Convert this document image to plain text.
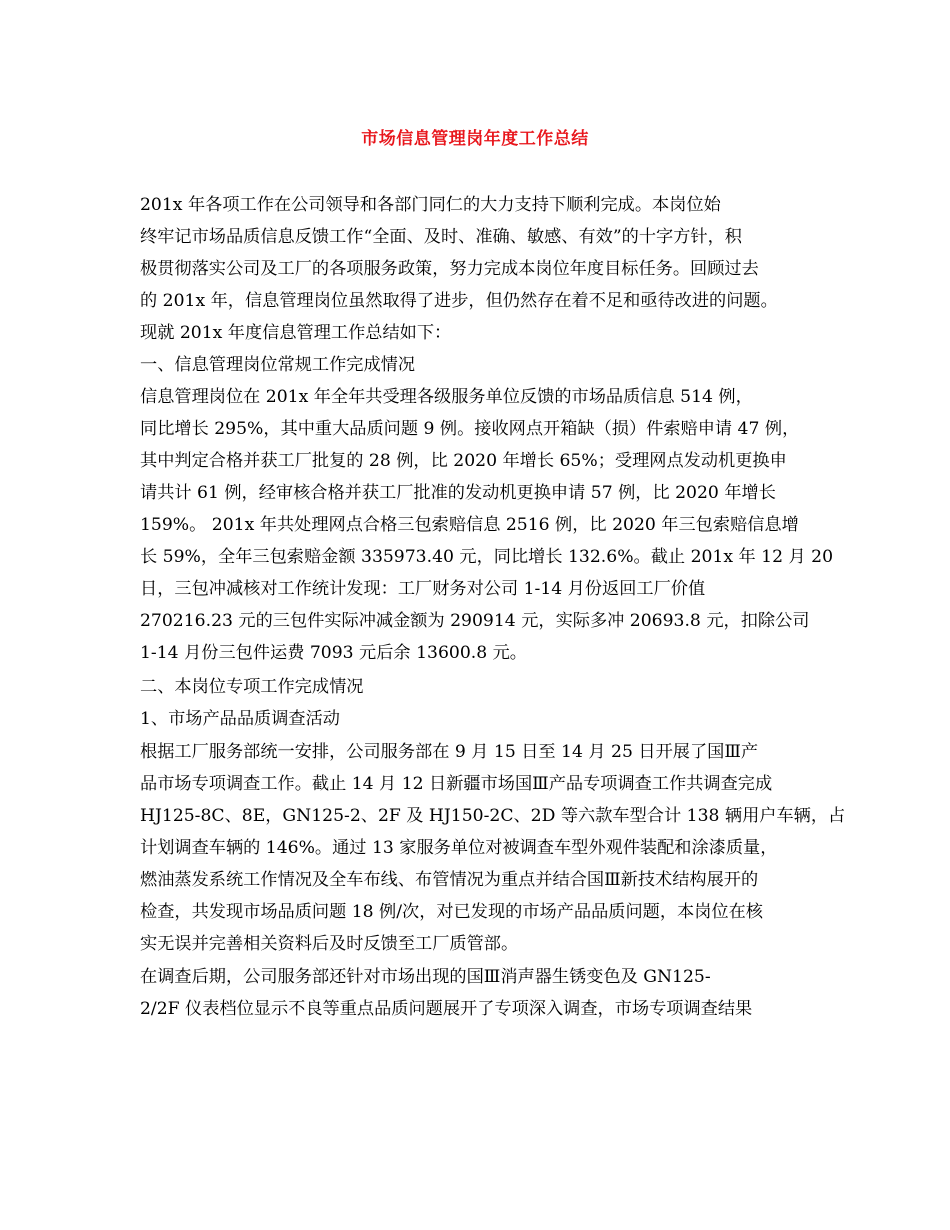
市场信息管理岗年度工作总结
201x 年各项工作在公司领导和各部门同仁的大力支持下顺利完成。本岗位始
终牢记市场品质信息反馈工作“全面、及时、准确、敏感、有效”的十字方针，积
极贯彻落实公司及工厂的各项服务政策，努力完成本岗位年度目标任务。回顾过去
的 201x 年，信息管理岗位虽然取得了进步，但仍然存在着不足和亟待改进的问题。
现就 201x 年度信息管理工作总结如下：
一、信息管理岗位常规工作完成情况
信息管理岗位在 201x 年全年共受理各级服务单位反馈的市场品质信息 514 例，
同比增长 295%，其中重大品质问题 9 例。接收网点开箱缺（损）件索赔申请 47 例，
其中判定合格并获工厂批复的 28 例，比 2020 年增长 65%；受理网点发动机更换申
请共计 61 例，经审核合格并获工厂批准的发动机更换申请 57 例，比 2020 年增长
159%。 201x 年共处理网点合格三包索赔信息 2516 例，比 2020 年三包索赔信息增
长 59%，全年三包索赔金额 335973.40 元，同比增长 132.6%。截止 201x 年 12 月 20
日，三包冲减核对工作统计发现：工厂财务对公司 1-14 月份返回工厂价值
270216.23 元的三包件实际冲减金额为 290914 元，实际多冲 20693.8 元，扣除公司
1-14 月份三包件运费 7093 元后余 13600.8 元。
二、本岗位专项工作完成情况
1、市场产品品质调查活动
根据工厂服务部统一安排，公司服务部在 9 月 15 日至 14 月 25 日开展了国Ⅲ产
品市场专项调查工作。截止 14 月 12 日新疆市场国Ⅲ产品专项调查工作共调查完成
HJ125-8C、8E，GN125-2、2F 及 HJ150-2C、2D 等六款车型合计 138 辆用户车辆，占
计划调查车辆的 146%。通过 13 家服务单位对被调查车型外观件装配和涂漆质量，
燃油蒸发系统工作情况及全车布线、布管情况为重点并结合国Ⅲ新技术结构展开的
检查，共发现市场品质问题 18 例/次，对已发现的市场产品品质问题，本岗位在核
实无误并完善相关资料后及时反馈至工厂质管部。
在调查后期，公司服务部还针对市场出现的国Ⅲ消声器生锈变色及 GN125-
2/2F 仪表档位显示不良等重点品质问题展开了专项深入调查，市场专项调查结果
